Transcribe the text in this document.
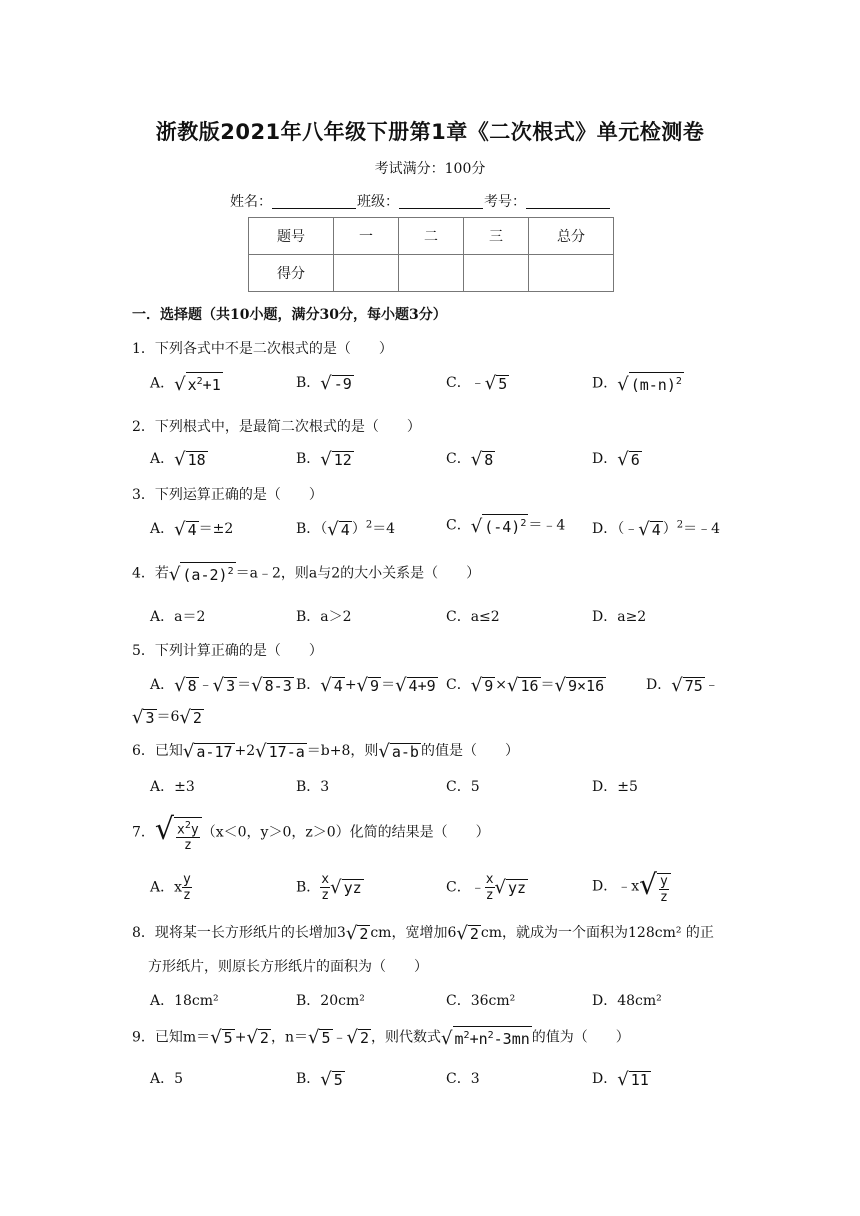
浙教版2021年八年级下册第1章《二次根式》单元检测卷
考试满分：100分
姓名：	班级：	考号：
题号	一	二	三	总分
得分				
一．选择题（共10小题，满分30分，每小题3分）
1．下列各式中不是二次根式的是（　　）
A．√ $x^2+1$	B．√ -9	C．﹣√ 5	D．√ $(m-n)^2$
2．下列根式中，是最简二次根式的是（　　）
A．√ 18	B．√ 12	C．√ 8	D．√ 6
3．下列运算正确的是（　　）
A．√ 4 ＝±2	B．（√ 4 ）$^2$＝4	C．√ $(-4)^2$ ＝﹣4 D．（﹣√ 4 ）$^2$＝﹣4
4．若√ $(a-2)^2$ ＝a﹣2，则a与2的大小关系是（　　）
A．a＝2	B．a＞2	C．a≤2	D．a≥2
5．下列计算正确的是（　　）
A．√ 8 ﹣√ 3 ＝√ 8-3 B．√ 4 +√ 9 ＝√ 4+9 C．√ 9 ×√ 16 ＝√ 9×16	D．√ 75 ﹣
√ 3 ＝6√ 2
6．已知√ a-17 +2√ 17-a ＝b+8，则√ a-b 的值是（　　）
A．±3	B．3	C．5	D．±5
7．√ $\frac{x^2y}{z} (x<0$，y＞0，z＞0）化简的结果是（　　）
A．x $\frac{y}{z}$	B． $\frac{x}{z}$ √ yz	C．﹣ $\frac{x}{z}$ √ yz	D．﹣x√ $\frac{y}{z}$
8．现将某一长方形纸片的长增加3√ 2 cm，宽增加6√ 2 cm，就成为一个面积为128cm² 的正
方形纸片，则原长方形纸片的面积为（　　）
A．18cm²	B．20cm²	C．36cm²	D．48cm²
9．已知m＝√ 5 +√ 2 ，n＝√ 5 ﹣√ 2 ，则代数式√ $m^2+n^2-3mn$ 的值为（　　）
A．5	B．√ 5	C．3	D．√ 11
